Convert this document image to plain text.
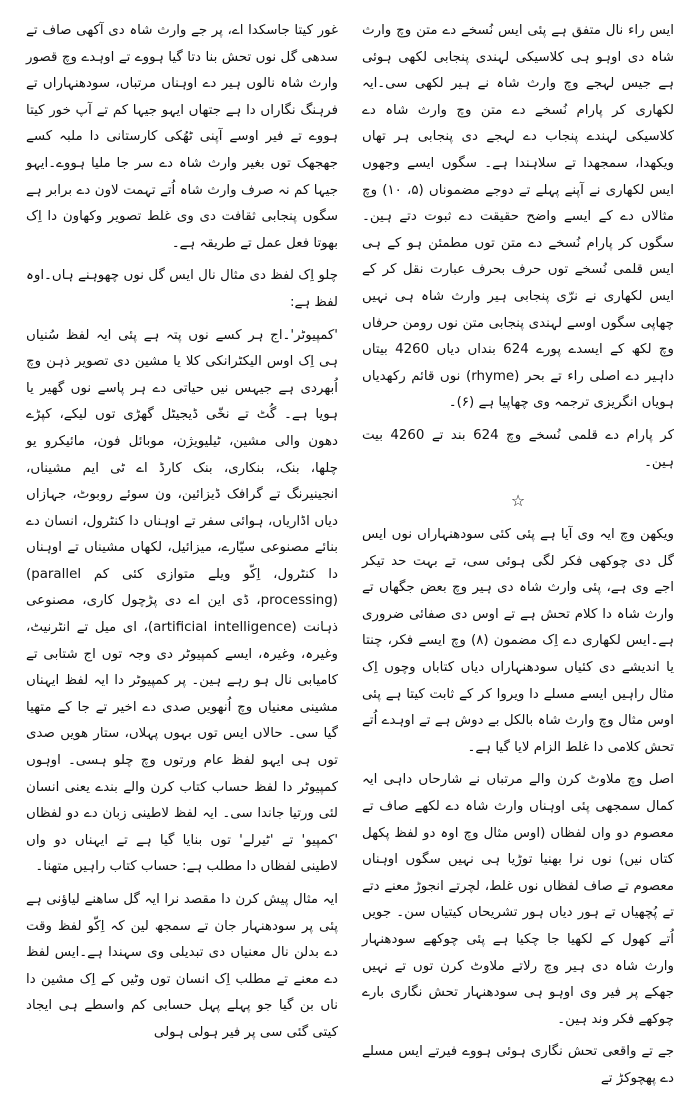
ایس راء نال متفق ہے پئی ایس نُسخے دے متن وچ وارث شاہ دی اوہو ہی کلاسیکی لہندی پنجابی لکھی ہوئی ہے جیس لہجے وچ وارث شاہ نے ہیر لکھی سی۔ایہ لکھاری کر پارام نُسخے دے متن وچ وارث شاہ دے کلاسیکی لہندے پنجاب دے لہجے دی پنجابی ہر تھاں ویکھدا، سمجھدا تے سلاہندا ہے۔ سگوں ایسے وجھوں ایس لکھاری نے آپنے پہلے تے دوجے مضموناں (۵، ۱۰) وچ مثالاں دے کے ایسے واضح حقیقت دے ثبوت دتے ہین۔ سگوں کر پارام نُسخے دے متن توں مطمئن ہو کے ہی ایس قلمی نُسخے توں حرف بحرف عبارت نقل کر کے ایس لکھاری نے نرّی پنجابی ہیر وارث شاہ ہی نہیں چھاپی سگوں اوسے لہندی پنجابی متن نوں رومن حرفاں وچ لکھ کے ایسدے پورے 624 بنداں دیاں 4260 بیتاں داہیر دے اصلی راء تے بحر (rhyme) نوں قائم رکھدیاں ہویاں انگریزی ترجمہ وی چھاپیا ہے (۶)۔

کر پارام دے قلمی نُسخے وچ 624 بند تے 4260 بیت ہین۔

☆

ویکھن وچ ایہ وی آیا ہے پئی کئی سودھنہاراں نوں ایس گل دی چوکھی فکر لگی ہوئی سی، تے بہت حد تیکر اجے وی ہے، پئی وارث شاہ دی ہیر وچ بعض جگھاں تے وارث شاہ دا کلام تحش ہے تے اوس دی صفائی ضروری ہے۔ایس لکھاری دے اِک مضمون (۸) وچ ایسے فکر، چنتا یا اندیشے دی کئیاں سودھنہاراں دیاں کتاباں وچوں اِک مثال راہیں ایسے مسلے دا ویروا کر کے ثابت کیتا ہے پئی اوس مثال وچ وارث شاہ بالکل بے دوش ہے تے اوہدے اُتے تحش کلامی دا غلط الزام لایا گیا ہے۔

اصل وچ ملاوٹ کرن والے مرتباں نے شارحاں داہی ایہ کمال سمجھی پئی اوہناں وارث شاہ دے لکھے صاف تے معصوم دو واں لفظاں (اوس مثال وچ اوہ دو لفظ پکھل کتاں نیں) نوں نرا بھنیا توڑیا ہی نہیں سگوں اوہناں معصوم تے صاف لفظاں نوں غلط، لچرتے انجوڑ معنے دتے تے پُچھیاں تے ہور دیاں ہور تشریحاں کیتیاں سن۔ جویں اُتے کھول کے لکھیا جا چکیا ہے پئی چوکھے سودھنہار وارث شاہ دی ہیر وچ رلاتے ملاوٹ کرن توں تے نہیں جھکے پر فیر وی اوہو ہی سودھنہار تحش نگاری بارے چوکھے فکر وند ہین۔

جے تے واقعی تحش نگاری ہوئی ہووے فیرتے ایس مسلے دے پھچوکڑ تے

غور کیتا جاسکدا اے، پر جے وارث شاہ دی آکھی صاف تے سدھی گل نوں تحش بنا دتا گیا ہووے تے اوہدے وچ قصور وارث شاہ نالوں ہیر دے اوہناں مرتباں، سودھنہاراں تے فرہنگ نگاراں دا ہے جتھاں ایہو جیہا کم تے آپ خور کیتا ہووے تے فیر اوسے آپنی ٹھُکی کارستانی دا ملبہ کسے جھجھک توں بغیر وارث شاہ دے سر جا ملیا ہووے۔ایہو جیہا کم نہ صرف وارث شاہ اُتے تہمت لاون دے برابر ہے سگوں پنجابی ثقافت دی وی غلط تصویر وکھاون دا اِک بھوتا فعل عمل تے طریقہ ہے۔

چلو اِک لفظ دی مثال نال ایس گل نوں چھوہنے ہاں۔اوہ لفظ ہے:

'کمپیوٹر'۔اج ہر کسے نوں پتہ ہے پئی ایہ لفظ سُنیاں ہی اِک اوس الیکٹرانکی کلا یا مشین دی تصویر ذہن وچ اُبھردی ہے جیہس نیں حیاتی دے ہر پاسے نوں گھیر یا ہویا ہے۔ گُٹ تے نخّی ڈیجیٹل گھڑی توں لیکے، کپڑے دھون والی مشین، ٹیلیویژن، موبائل فون، مائیکرو یو چلھا، بنک، بنکاری، بنک کارڈ اے ٹی ایم مشیناں، انجینیرنگ تے گرافک ڈیزائین، ون سوئے روبوٹ، جہازاں دیاں اڈاریاں، ہوائی سفر تے اوہناں دا کنٹرول، انسان دے بنائے مصنوعی سیّارے، میزائیل، لکھاں مشیناں تے اوہناں دا کنٹرول، اِکّو ویلے متوازی کئی کم (parallel processing)، ڈی این اے دی پڑچول کاری، مصنوعی ذہانت (artificial intelligence)، ای میل تے انٹرنیٹ، وغیرہ، وغیرہ، ایسے کمپیوٹر دی وجہ توں اج شتابی تے کامیابی نال ہو رہے ہین۔ پر کمپیوٹر دا ایہ لفظ ایہناں مشینی معنیاں وچ اُنھویں صدی دے اخیر تے جا کے متھیا گیا سی۔ حالاں ایس توں بہوں پہلاں، ستار ھویں صدی توں ہی ایہو لفظ عام ورتوں وچ چلو ہسی۔ اوہوں کمپیوٹر دا لفظ حساب کتاب کرن والے بندے یعنی انسان لئی ورتیا جاندا سی۔ ایہ لفظ لاطینی زبان دے دو لفظاں 'کمپیو' تے 'ٹیرلے' توں بنایا گیا ہے تے ایہناں دو واں لاطینی لفظاں دا مطلب ہے: حساب کتاب راہیں متھنا۔

ایہ مثال پیش کرن دا مقصد نرا ایہ گل ساھنے لیاؤنی ہے پئی پر سودھنہار جان تے سمجھ لین کہ اِکّو لفظ وقت دے بدلن نال معنیاں دی تبدیلی وی سہندا ہے۔ایس لفظ دے معنے تے مطلب اِک انسان توں وٹیں کے اِک مشین دا ناں بن گیا جو پہلے پہل حسابی کم واسطے ہی ایجاد کیتی گئی سی پر فیر ہولی ہولی
